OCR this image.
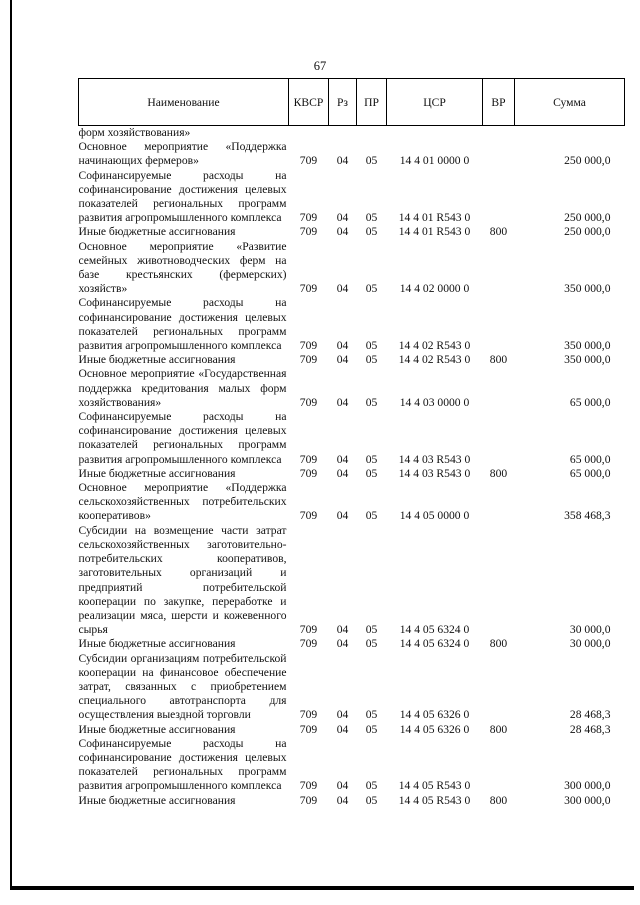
67
Наименование	КВСР	Рз	ПР	ЦСР	ВР	Сумма
форм хозяйствования»						
Основное мероприятие «Поддержка начинающих фермеров»	709	04	05	14 4 01 0000 0		250 000,0
Софинансируемые расходы на софинансирование достижения целевых показателей региональных программ развития агропромышленного комплекса	709	04	05	14 4 01 R543 0		250 000,0
Иные бюджетные ассигнования	709	04	05	14 4 01 R543 0	800	250 000,0
Основное мероприятие «Развитие семейных животноводческих ферм на базе крестьянских (фермерских) хозяйств»	709	04	05	14 4 02 0000 0		350 000,0
Софинансируемые расходы на софинансирование достижения целевых показателей региональных программ развития агропромышленного комплекса	709	04	05	14 4 02 R543 0		350 000,0
Иные бюджетные ассигнования	709	04	05	14 4 02 R543 0	800	350 000,0
Основное мероприятие «Государственная поддержка кредитования малых форм хозяйствования»	709	04	05	14 4 03 0000 0		65 000,0
Софинансируемые расходы на софинансирование достижения целевых показателей региональных программ развития агропромышленного комплекса	709	04	05	14 4 03 R543 0		65 000,0
Иные бюджетные ассигнования	709	04	05	14 4 03 R543 0	800	65 000,0
Основное мероприятие «Поддержка сельскохозяйственных потребительских кооперативов»	709	04	05	14 4 05 0000 0		358 468,3
Субсидии на возмещение части затрат сельскохозяйственных заготовительно-потребительских кооперативов, заготовительных организаций и предприятий потребительской кооперации по закупке, переработке и реализации мяса, шерсти и кожевенного сырья	709	04	05	14 4 05 6324 0		30 000,0
Иные бюджетные ассигнования	709	04	05	14 4 05 6324 0	800	30 000,0
Субсидии организациям потребительской кооперации на финансовое обеспечение затрат, связанных с приобретением специального автотранспорта для осуществления выездной торговли	709	04	05	14 4 05 6326 0		28 468,3
Иные бюджетные ассигнования	709	04	05	14 4 05 6326 0	800	28 468,3
Софинансируемые расходы на софинансирование достижения целевых показателей региональных программ развития агропромышленного комплекса	709	04	05	14 4 05 R543 0		300 000,0
Иные бюджетные ассигнования	709	04	05	14 4 05 R543 0	800	300 000,0
